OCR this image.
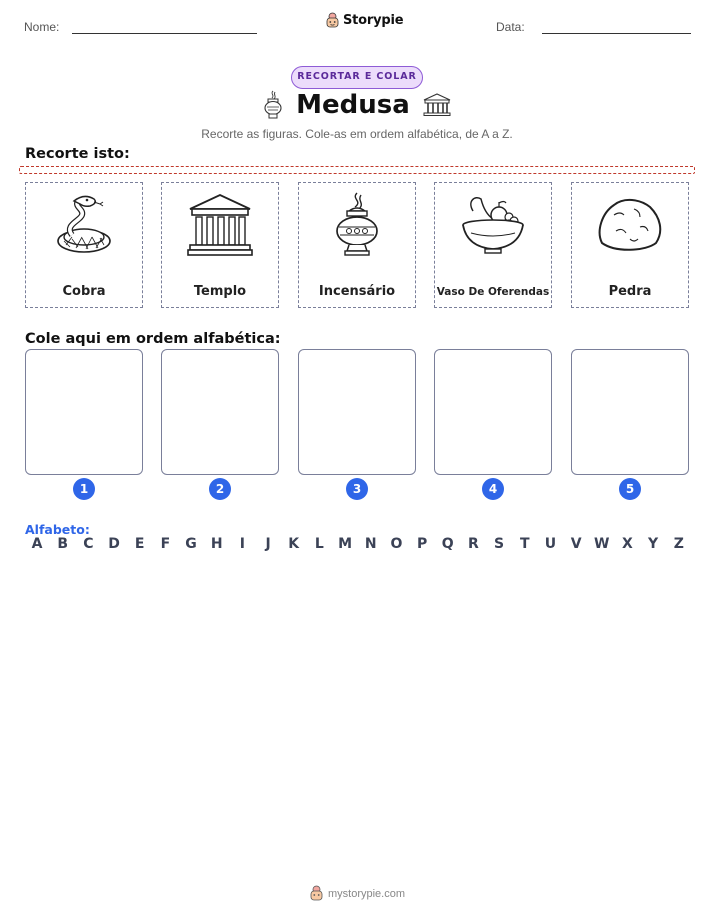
Nome:	Storypie	Data:
RECORTAR E COLAR
Medusa
Recorte as figuras. Cole-as em ordem alfabética, de A a Z.
Recorte isto:
Cobra	Templo	Incensário	Vaso De Oferendas	Pedra
Cole aqui em ordem alfabética:
1	2	3	4	5
Alfabeto:
A	B	C	D	E	F	G	H	I	J	K	L	M N O	P	Q	R	S	T	U	V W X	Y	Z
mystorypie.com
